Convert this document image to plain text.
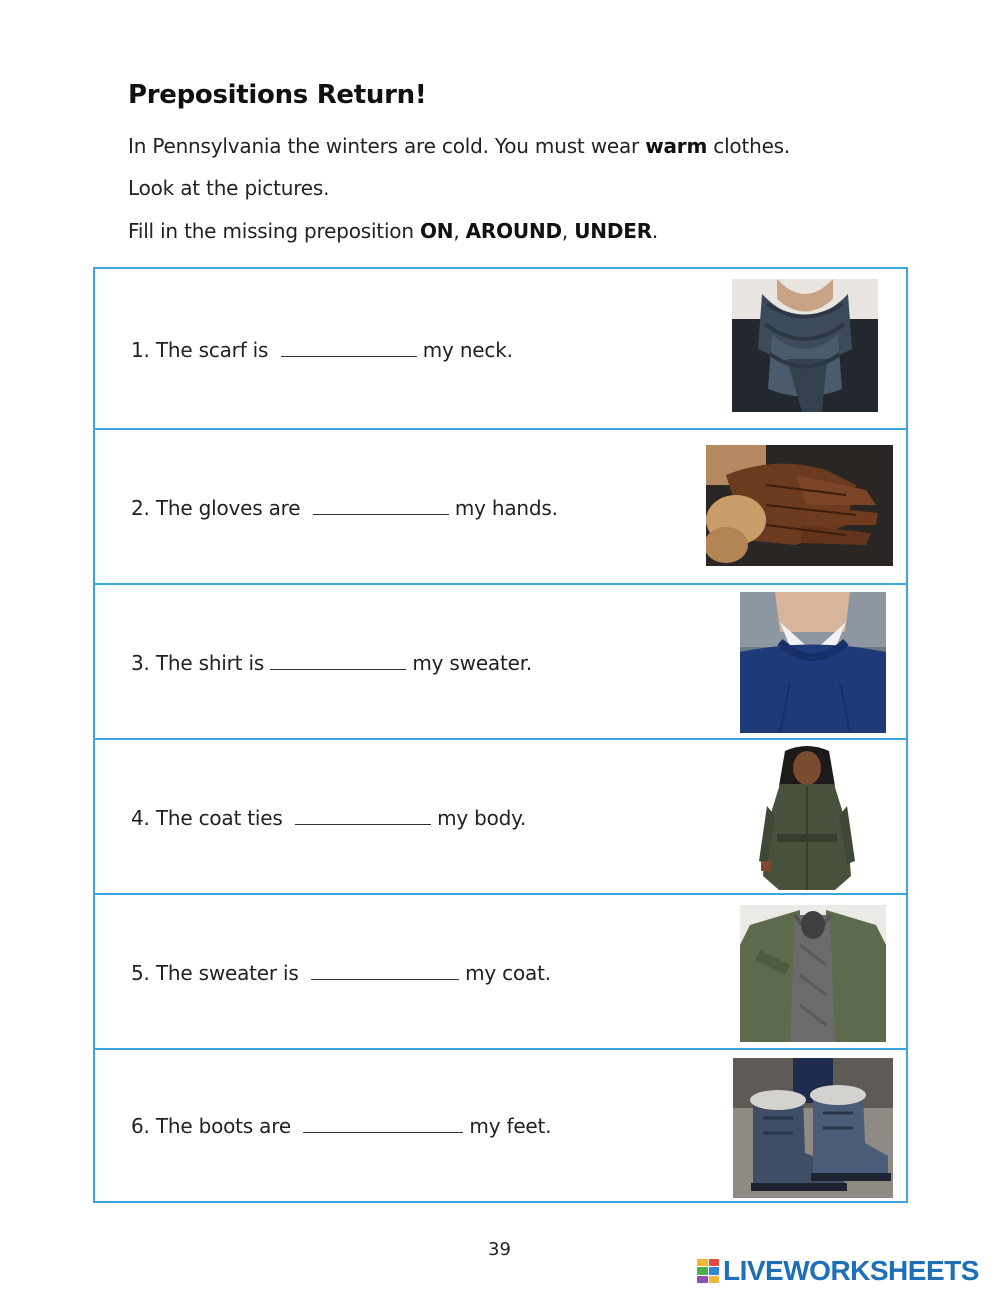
Prepositions Return!
In Pennsylvania the winters are cold. You must wear warm clothes.
Look at the pictures.
Fill in the missing preposition ON, AROUND, UNDER.
1. The scarf is	my neck.
2. The gloves are	my hands.
3. The shirt is	my sweater.
4. The coat ties	my body.
5. The sweater is	my coat.
6. The boots are	my feet.
39
LIVEWORKSHEETS
